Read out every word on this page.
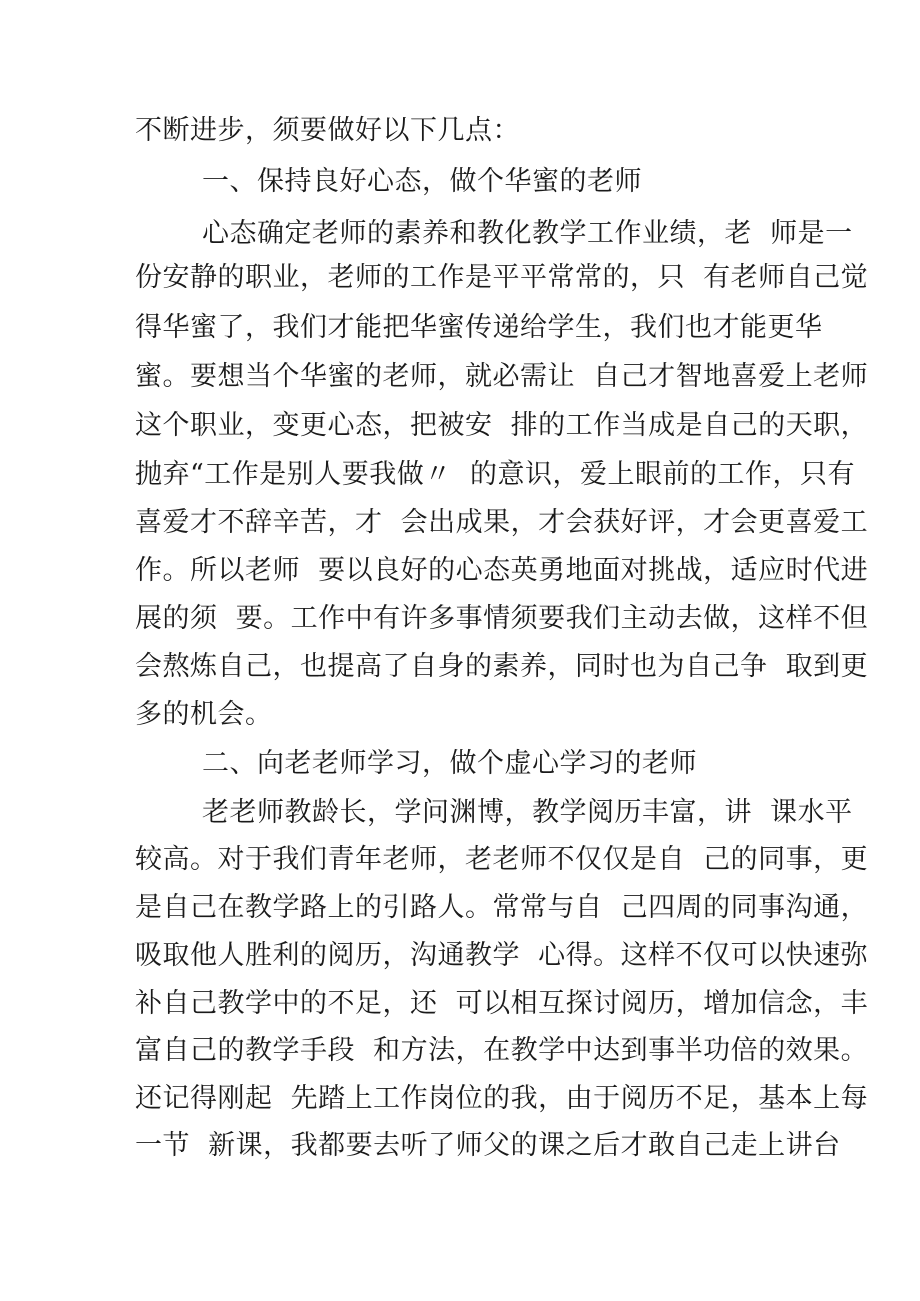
不断进步，须要做好以下几点：
一、保持良好心态，做个华蜜的老师
心态确定老师的素养和教化教学工作业绩，老  师是一
份安静的职业，老师的工作是平平常常的，只  有老师自己觉
得华蜜了，我们才能把华蜜传递给学生，我们也才能更华
蜜。要想当个华蜜的老师，就必需让  自己才智地喜爱上老师
这个职业，变更心态，把被安  排的工作当成是自己的天职，
抛弃“工作是别人要我做〃  的意识，爱上眼前的工作，只有
喜爱才不辞辛苦，才  会出成果，才会获好评，才会更喜爱工
作。所以老师  要以良好的心态英勇地面对挑战，适应时代进
展的须  要。工作中有许多事情须要我们主动去做，这样不但
会熬炼自己，也提高了自身的素养，同时也为自己争  取到更
多的机会。
二、向老老师学习，做个虚心学习的老师
老老师教龄长，学问渊博，教学阅历丰富，讲  课水平
较高。对于我们青年老师，老老师不仅仅是自  己的同事，更
是自己在教学路上的引路人。常常与自  己四周的同事沟通，
吸取他人胜利的阅历，沟通教学  心得。这样不仅可以快速弥
补自己教学中的不足，还  可以相互探讨阅历，增加信念，丰
富自己的教学手段  和方法，在教学中达到事半功倍的效果。
还记得刚起  先踏上工作岗位的我，由于阅历不足，基本上每
一节  新课，我都要去听了师父的课之后才敢自己走上讲台
